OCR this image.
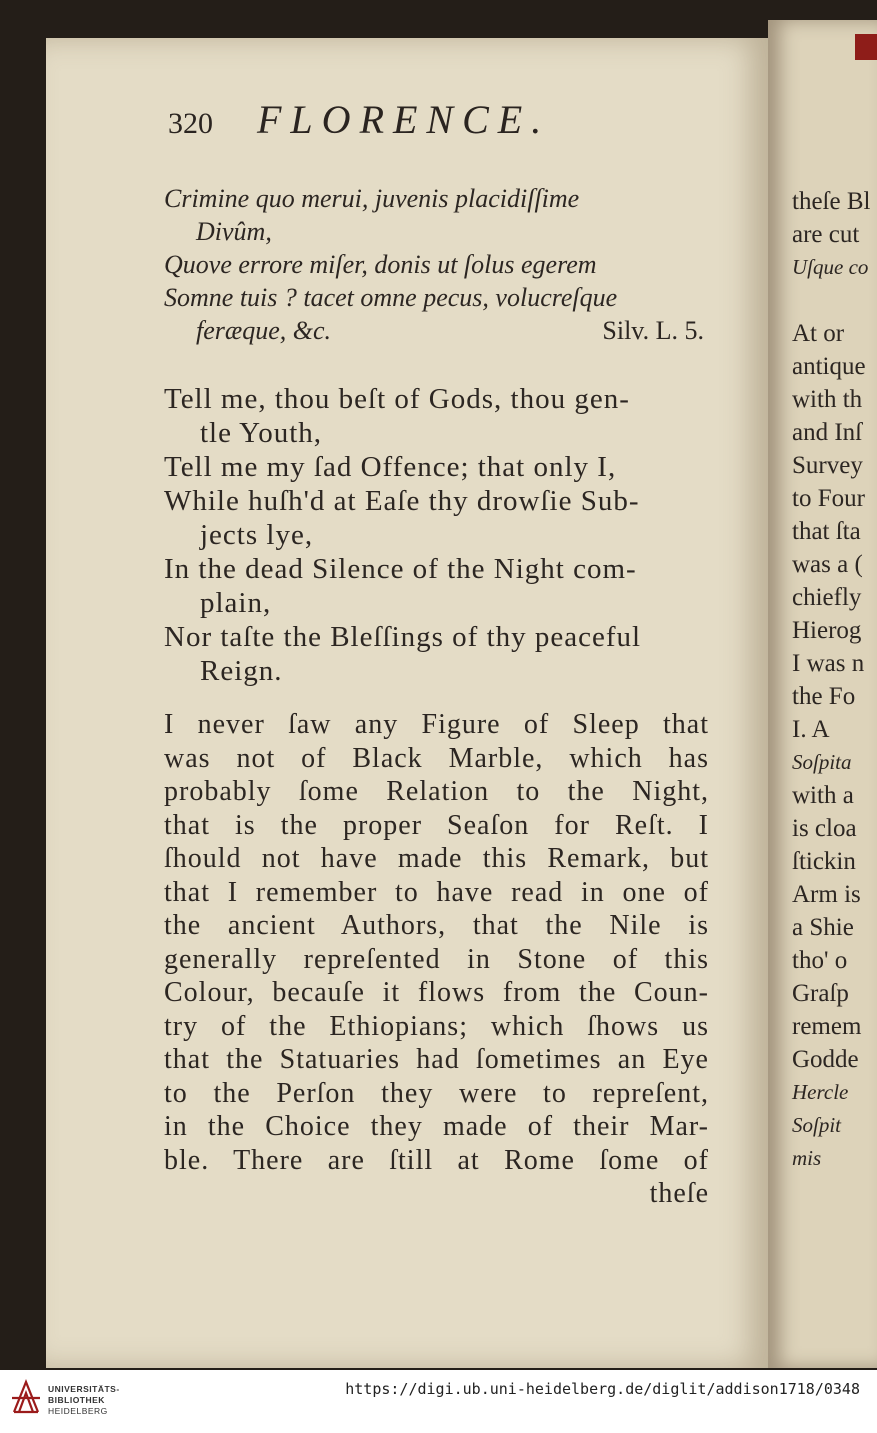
theſe Bl
are cut
Uſque co

At or
antique
with th
and Inſ
Survey
to Four
that ſta
was a (
chiefly
Hierog
I was n
the Fo
I. A
Soſpita
with a
is cloa
ſtickin
Arm is
a Shie
tho' o
Graſp
remem
Godde
Hercle
Soſpit
mis
320 FLORENCE.
Crimine quo merui, juvenis placidiſſime
Divûm,
Quove errore miſer, donis ut ſolus egerem
Somne tuis ? tacet omne pecus, volucreſque
feræque, &c.	Silv. L. 5.
Tell me, thou beſt of Gods, thou gen-
tle Youth,
Tell me my ſad Offence; that only I,
While huſh'd at Eaſe thy drowſie Sub-
jects lye,
In the dead Silence of the Night com-
plain,
Nor taſte the Bleſſings of thy peaceful
Reign.
I never ſaw any Figure of Sleep that
was not of Black Marble, which has
probably ſome Relation to the Night,
that is the proper Seaſon for Reſt. I
ſhould not have made this Remark, but
that I remember to have read in one of
the ancient Authors, that the Nile is
generally repreſented in Stone of this
Colour, becauſe it flows from the Coun-
try of the Ethiopians; which ſhows us
that the Statuaries had ſometimes an Eye
to the Perſon they were to repreſent,
in the Choice they made of their Mar-
ble. There are ſtill at Rome ſome of
theſe
UNIVERSITÄTS-
BIBLIOTHEK
HEIDELBERG
https://digi.ub.uni-heidelberg.de/diglit/addison1718/0348
